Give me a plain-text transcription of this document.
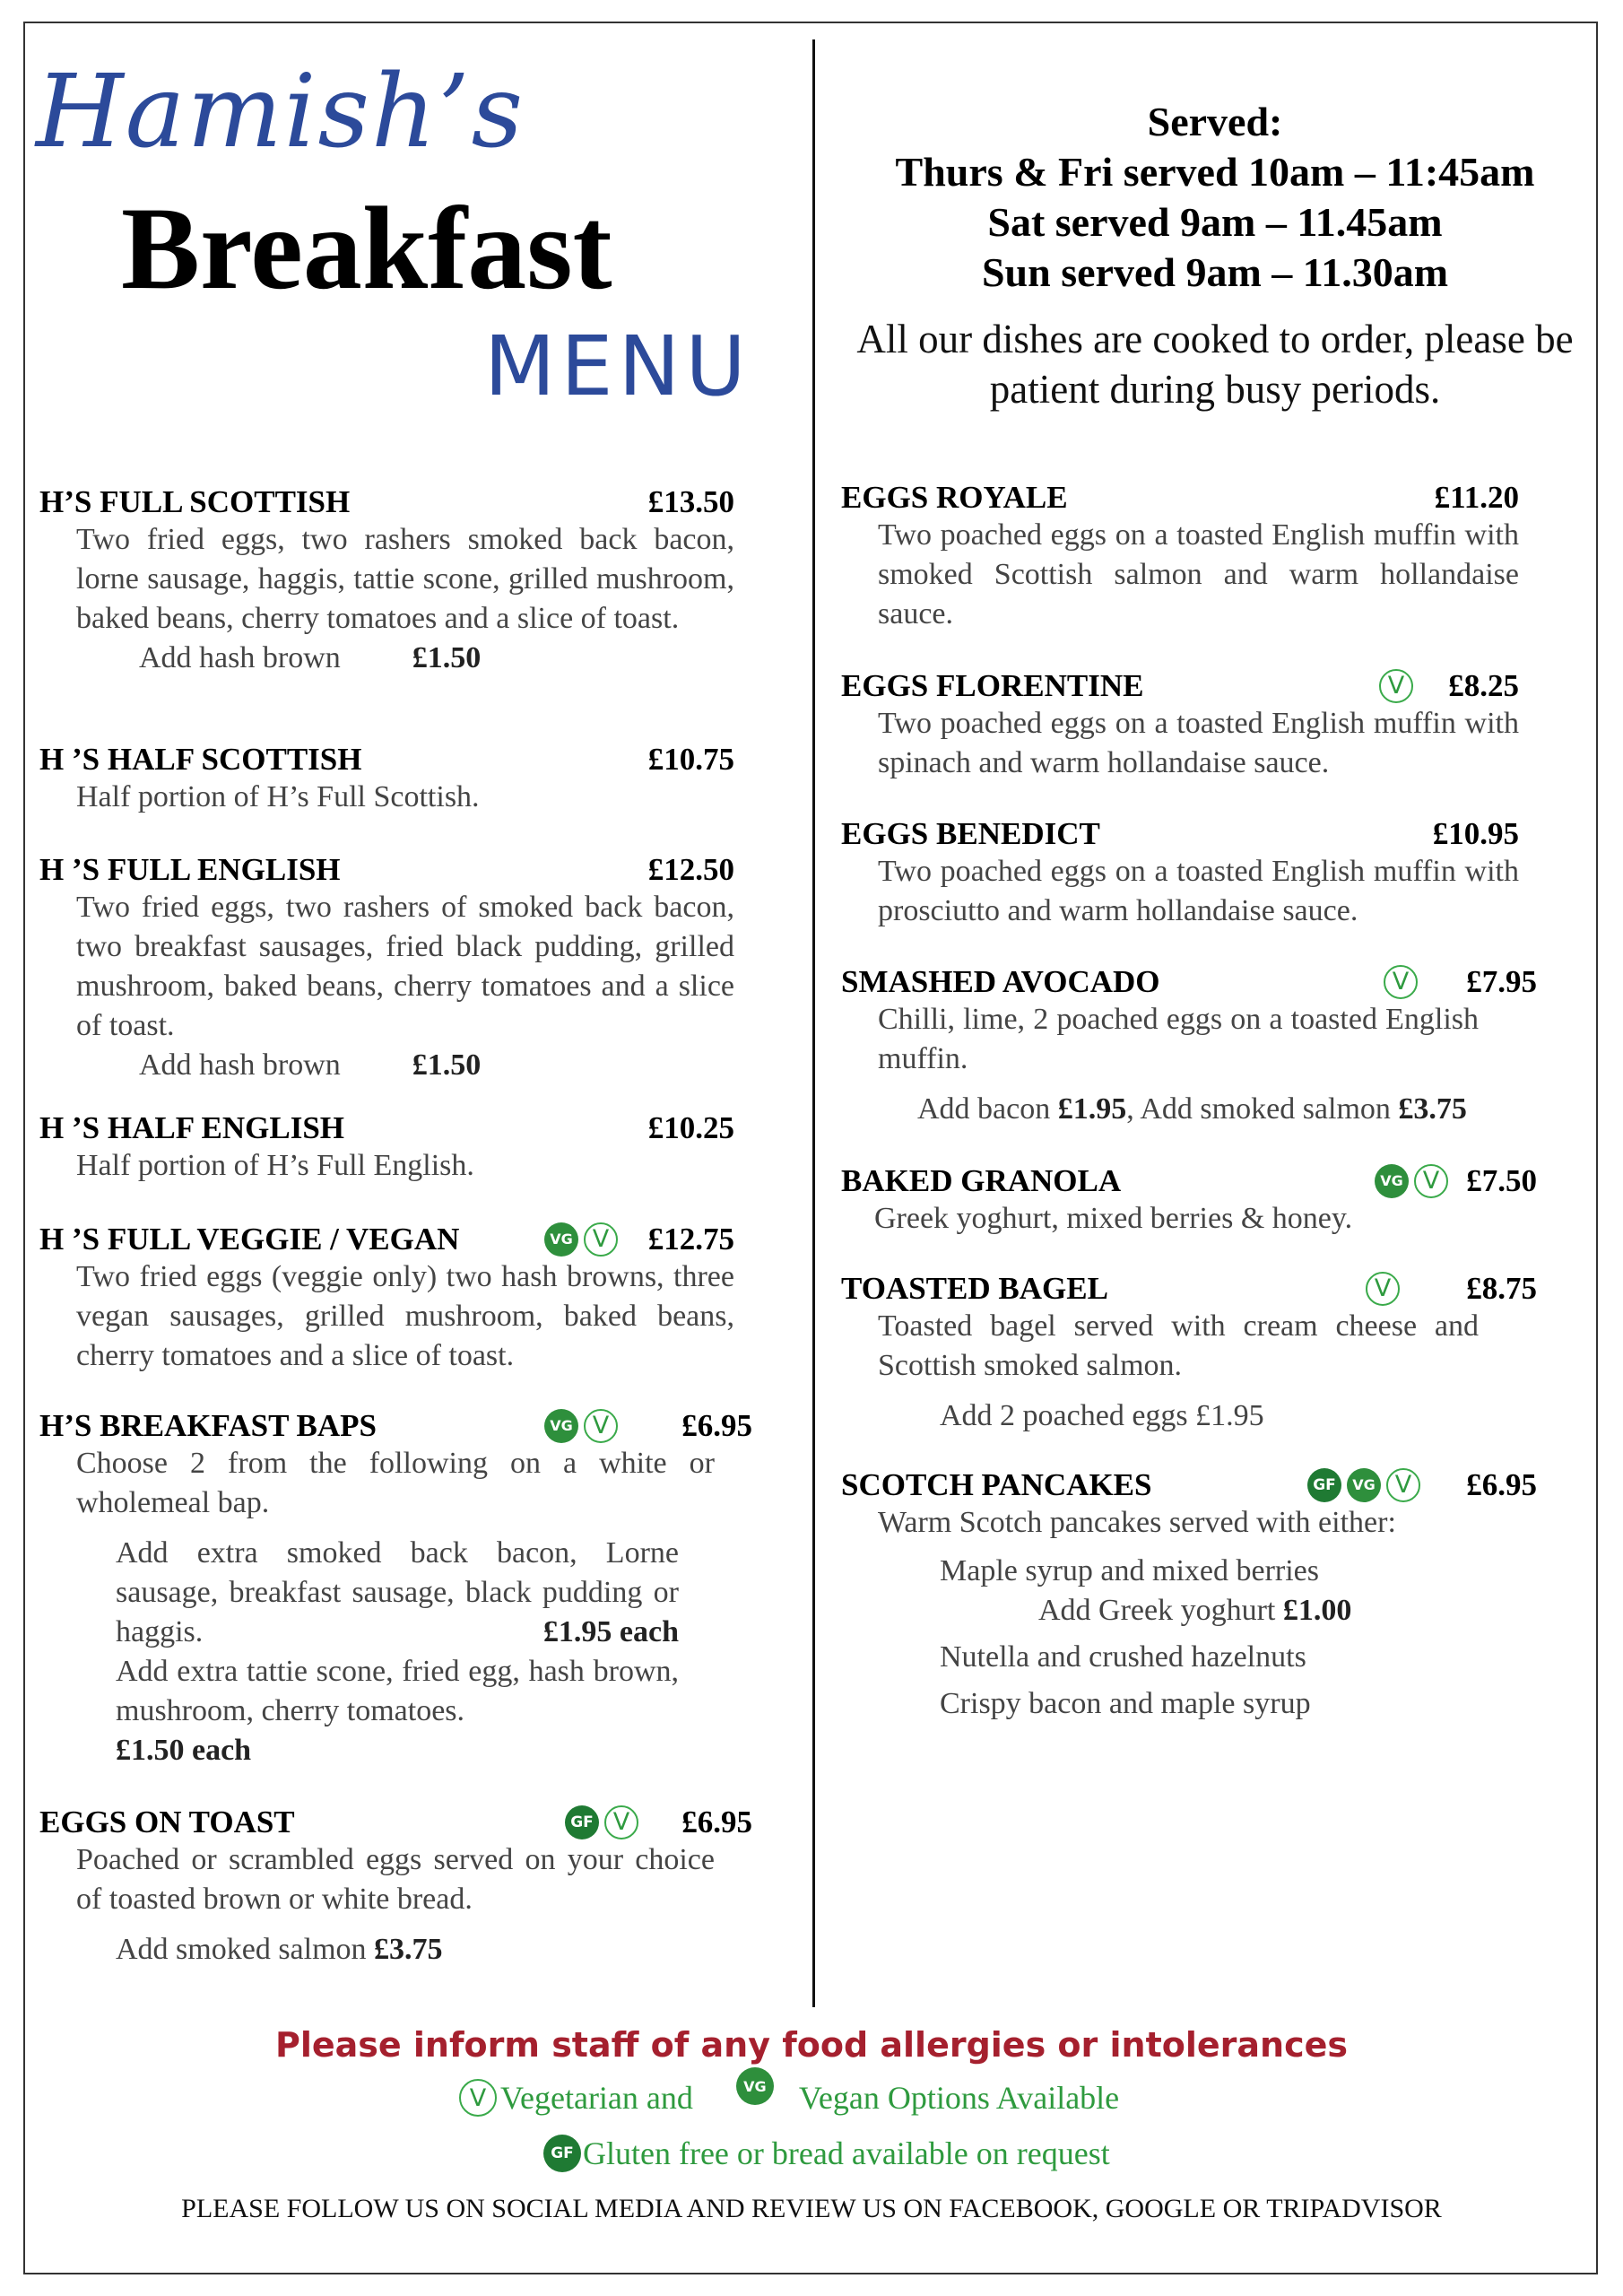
Hamish’s
Breakfast
MENU
Served:
Thurs & Fri served 10am – 11:45am
Sat served 9am – 11.45am
Sun served 9am – 11.30am
All our dishes are cooked to order, please be patient during busy periods.
H’S FULL SCOTTISH	£13.50
Two fried eggs, two rashers smoked back bacon, lorne sausage, haggis, tattie scone, grilled mushroom, baked beans, cherry tomatoes and a slice of toast.
Add hash brown £1.50
H ’S HALF SCOTTISH	£10.75
Half portion of H’s Full Scottish.
H ’S FULL ENGLISH	£12.50
Two fried eggs, two rashers of smoked back bacon, two breakfast sausages, fried black pudding, grilled mushroom, baked beans, cherry tomatoes and a slice of toast.
Add hash brown £1.50
H ’S HALF ENGLISH	£10.25
Half portion of H’s Full English.
H ’S FULL VEGGIE / VEGAN	VG V £12.75
Two fried eggs (veggie only) two hash browns, three vegan sausages, grilled mushroom, baked beans, cherry tomatoes and a slice of toast.
H’S BREAKFAST BAPS	VG V £6.95
Choose 2 from the following on a white or wholemeal bap.
Add extra smoked back bacon, Lorne sausage, breakfast sausage, black pudding or haggis.	£1.95 each
Add extra tattie scone, fried egg, hash brown, mushroom, cherry tomatoes.
£1.50 each
EGGS ON TOAST	GF V £6.95
Poached or scrambled eggs served on your choice of toasted brown or white bread.
Add smoked salmon £3.75
EGGS ROYALE	£11.20
Two poached eggs on a toasted English muffin with smoked Scottish salmon and warm hollandaise sauce.
EGGS FLORENTINE	V £8.25
Two poached eggs on a toasted English muffin with spinach and warm hollandaise sauce.
EGGS BENEDICT	£10.95
Two poached eggs on a toasted English muffin with prosciutto and warm hollandaise sauce.
SMASHED AVOCADO	V £7.95
Chilli, lime, 2 poached eggs on a toasted English muffin.
Add bacon £1.95, Add smoked salmon £3.75
BAKED GRANOLA	VG V £7.50
Greek yoghurt, mixed berries & honey.
TOASTED BAGEL	V £8.75
Toasted bagel served with cream cheese and Scottish smoked salmon.
Add 2 poached eggs £1.95
SCOTCH PANCAKES	GF	VG V £6.95
Warm Scotch pancakes served with either:
Maple syrup and mixed berries
Add Greek yoghurt £1.00
Nutella and crushed hazelnuts
Crispy bacon and maple syrup
Please inform staff of any food allergies or intolerances
V Vegetarian and	VG Vegan Options Available
GF Gluten free or bread available on request
PLEASE FOLLOW US ON SOCIAL MEDIA AND REVIEW US ON FACEBOOK, GOOGLE OR TRIPADVISOR
